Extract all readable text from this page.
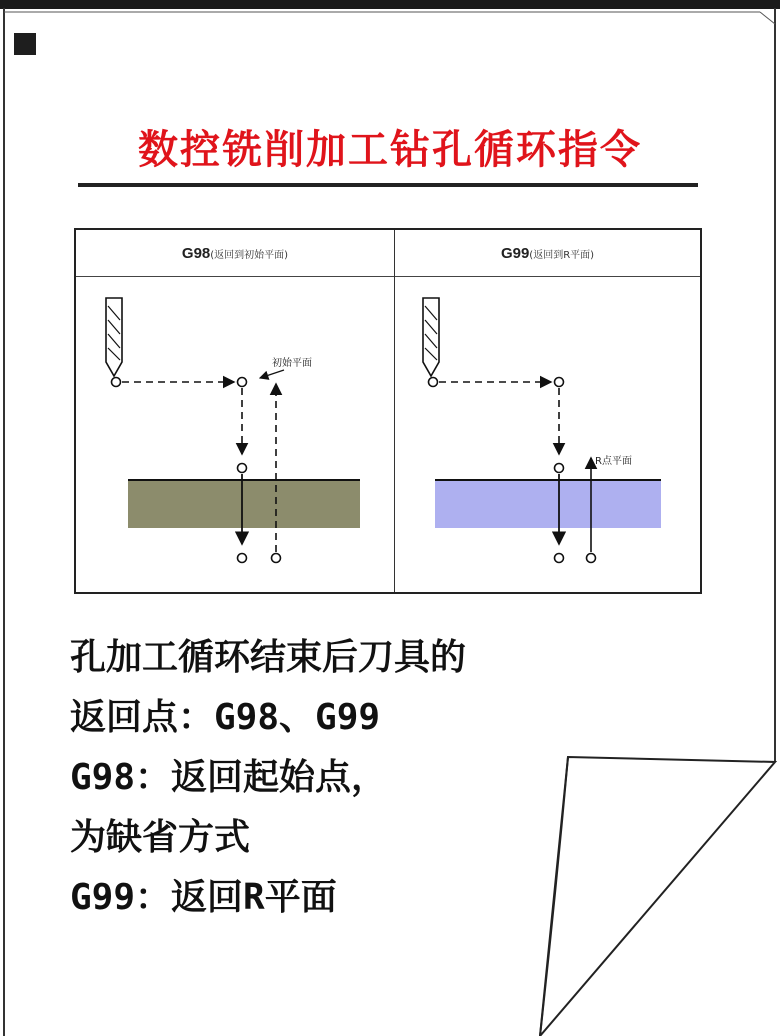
数控铣削加工钻孔循环指令
G98(返回到初始平面)
初始平面
G99(返回到R平面)
R点平面
孔加工循环结束后刀具的
返回点：G98、G99
G98：返回起始点，
为缺省方式
G99：返回R平面
